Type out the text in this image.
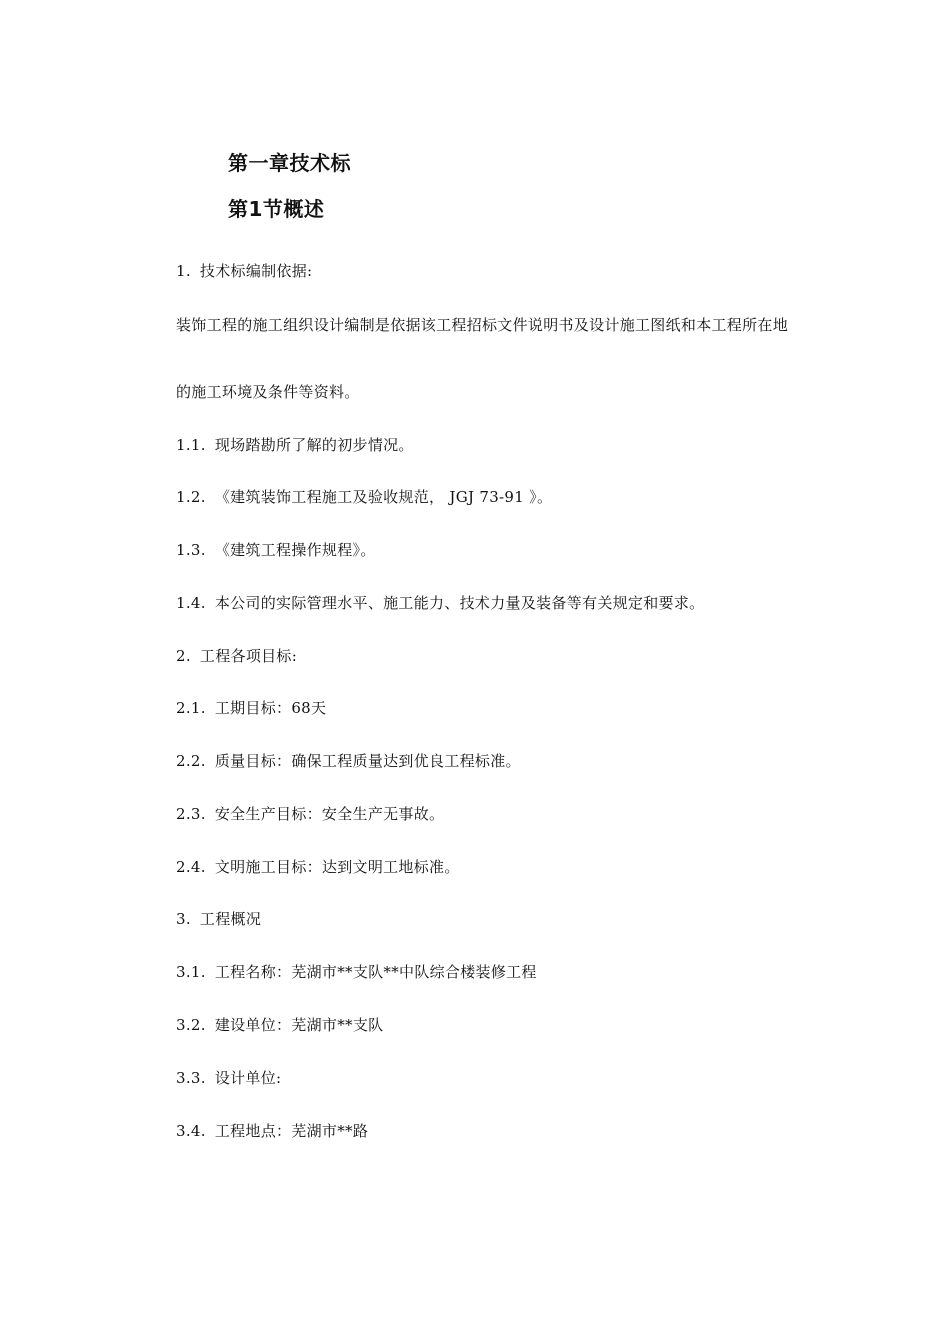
第一章技术标
第1节概述
1. 技术标编制依据:
装饰工程的施工组织设计编制是依据该工程招标文件说明书及设计施工图纸和本工程所在地
的施工环境及条件等资料。
1.1. 现场踏勘所了解的初步情况。
1.2. 《建筑装饰工程施工及验收规范， JGJ 73-91 》。
1.3. 《建筑工程操作规程》。
1.4. 本公司的实际管理水平、施工能力、技术力量及装备等有关规定和要求。
2. 工程各项目标:
2.1. 工期目标：68天
2.2. 质量目标：确保工程质量达到优良工程标准。
2.3. 安全生产目标：安全生产无事故。
2.4. 文明施工目标：达到文明工地标准。
3. 工程概况
3.1. 工程名称：芜湖市**支队**中队综合楼装修工程
3.2. 建设单位：芜湖市**支队
3.3. 设计单位:
3.4. 工程地点：芜湖市**路
